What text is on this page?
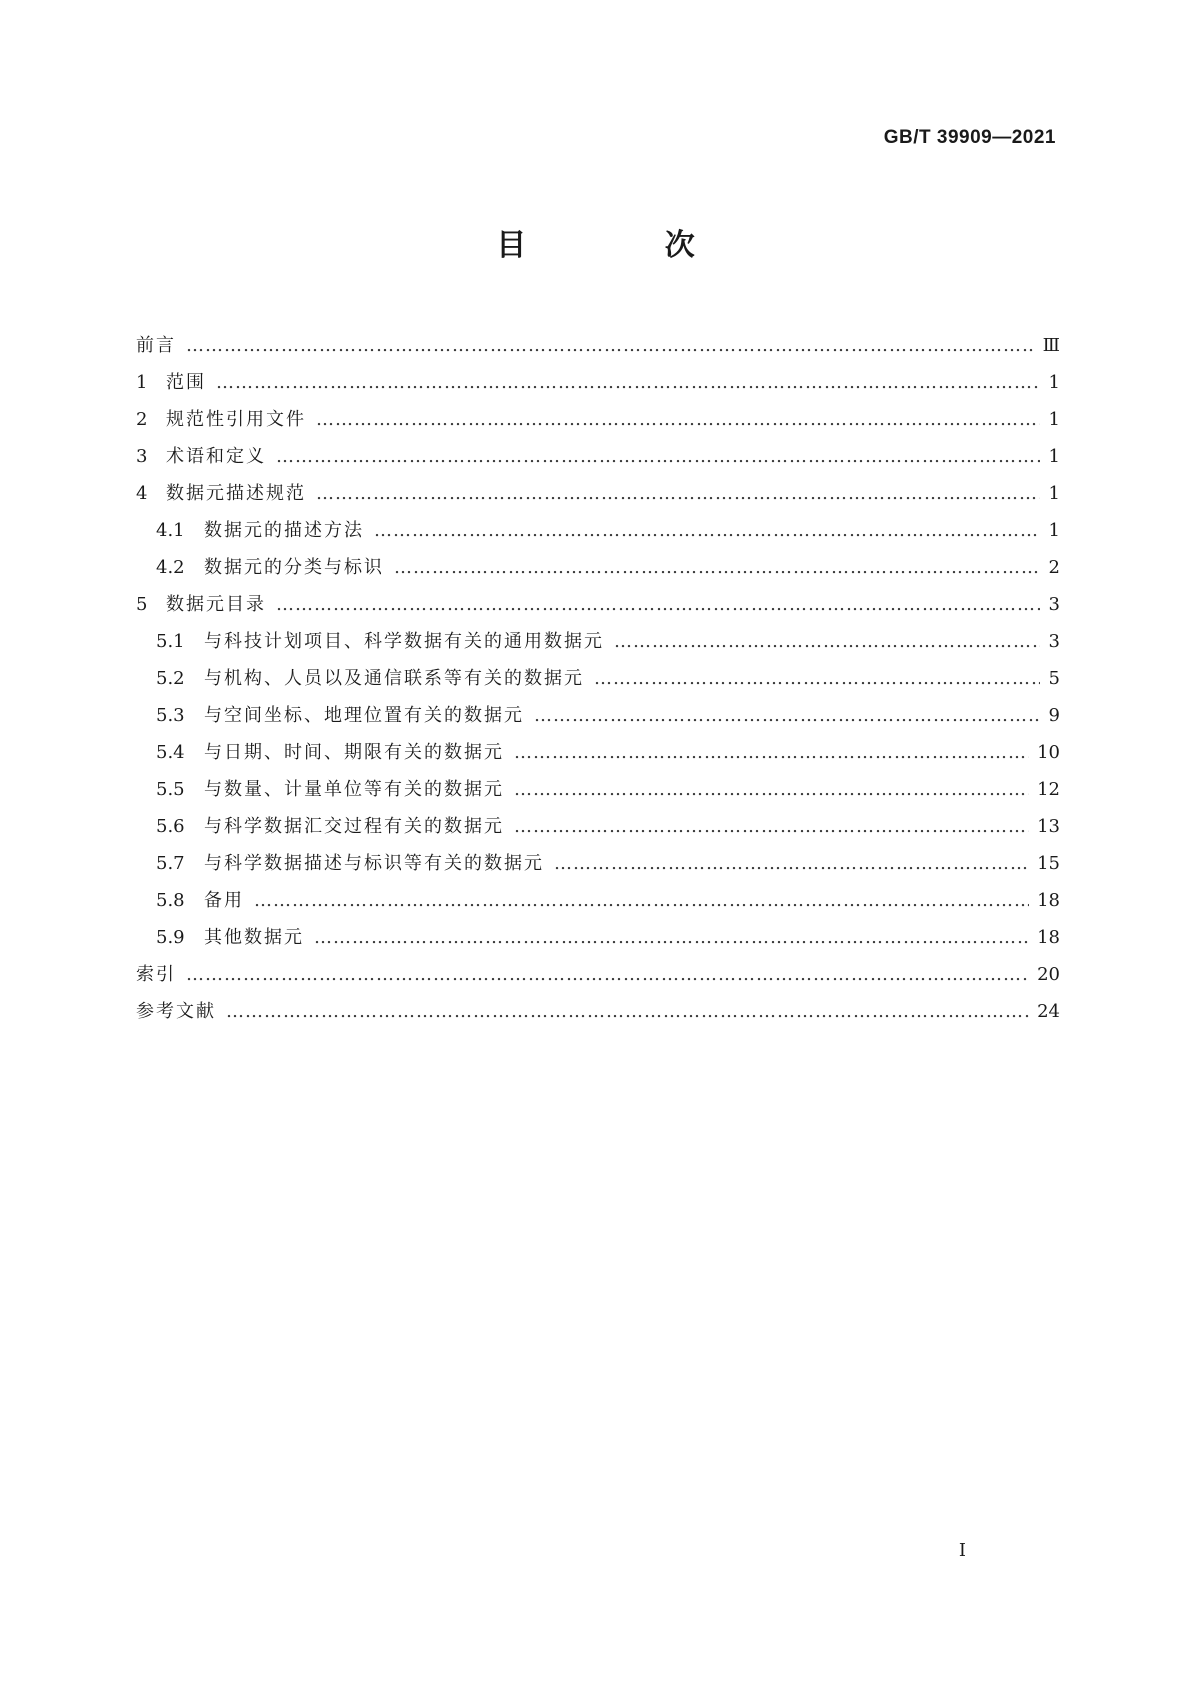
GB/T 39909—2021
目 次
前言 ………………………………………………………………………………………………………………………………………………………………………………………………………………	Ⅲ
1	范围 ………………………………………………………………………………………………………………………………………………………………………………………………………………	1
2	规范性引用文件 ………………………………………………………………………………………………………………………………………………………………………………………………………………	1
3	术语和定义 ………………………………………………………………………………………………………………………………………………………………………………………………………………	1
4	数据元描述规范 ………………………………………………………………………………………………………………………………………………………………………………………………………………	1
4.1	数据元的描述方法 ………………………………………………………………………………………………………………………………………………………………………………………………………………	1
4.2	数据元的分类与标识 ………………………………………………………………………………………………………………………………………………………………………………………………………………	2
5	数据元目录 ………………………………………………………………………………………………………………………………………………………………………………………………………………	3
5.1	与科技计划项目、科学数据有关的通用数据元 ………………………………………………………………………………………………………………………………………………………………………………………………………………	3
5.2	与机构、人员以及通信联系等有关的数据元 ………………………………………………………………………………………………………………………………………………………………………………………………………………	5
5.3	与空间坐标、地理位置有关的数据元 ………………………………………………………………………………………………………………………………………………………………………………………………………………	9
5.4	与日期、时间、期限有关的数据元 ………………………………………………………………………………………………………………………………………………………………………………………………………………	10
5.5	与数量、计量单位等有关的数据元 ………………………………………………………………………………………………………………………………………………………………………………………………………………	12
5.6	与科学数据汇交过程有关的数据元 ………………………………………………………………………………………………………………………………………………………………………………………………………………	13
5.7	与科学数据描述与标识等有关的数据元 ………………………………………………………………………………………………………………………………………………………………………………………………………………	15
5.8	备用 ………………………………………………………………………………………………………………………………………………………………………………………………………………	18
5.9	其他数据元 ………………………………………………………………………………………………………………………………………………………………………………………………………………	18
索引 ………………………………………………………………………………………………………………………………………………………………………………………………………………	20
参考文献 ………………………………………………………………………………………………………………………………………………………………………………………………………………	24
I
